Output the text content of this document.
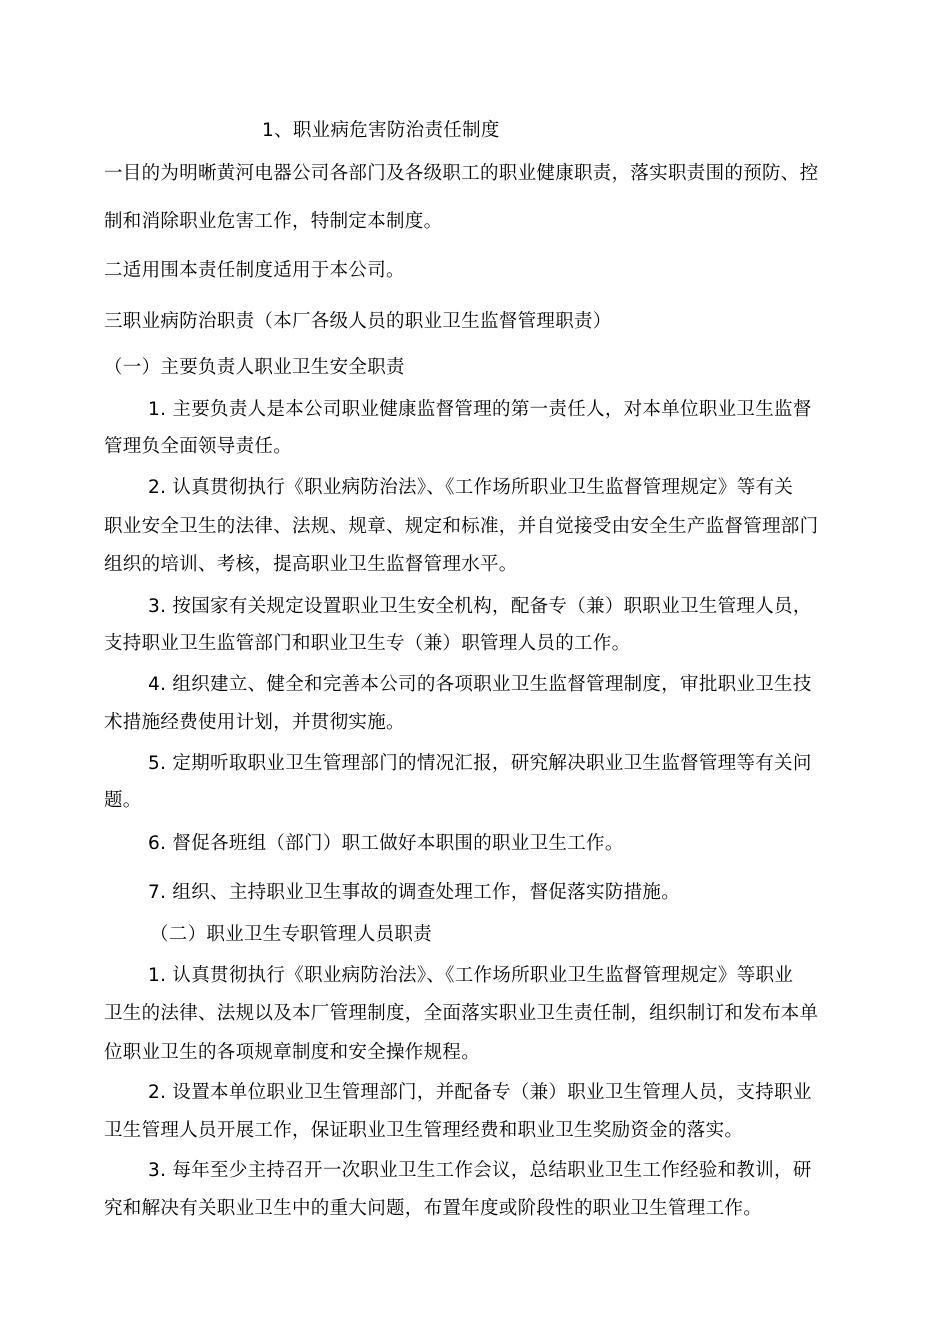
1、职业病危害防治责任制度
一目的为明晰黄河电器公司各部门及各级职工的职业健康职责，落实职责围的预防、控
制和消除职业危害工作，特制定本制度。
二适用围本责任制度适用于本公司。
三职业病防治职责（本厂各级人员的职业卫生监督管理职责）
（一）主要负责人职业卫生安全职责
1. 主要负责人是本公司职业健康监督管理的第一责任人，对本单位职业卫生监督
管理负全面领导责任。
2. 认真贯彻执行《职业病防治法》、《工作场所职业卫生监督管理规定》等有关
职业安全卫生的法律、法规、规章、规定和标准，并自觉接受由安全生产监督管理部门
组织的培训、考核，提高职业卫生监督管理水平。
3. 按国家有关规定设置职业卫生安全机构，配备专（兼）职职业卫生管理人员，
支持职业卫生监管部门和职业卫生专（兼）职管理人员的工作。
4. 组织建立、健全和完善本公司的各项职业卫生监督管理制度，审批职业卫生技
术措施经费使用计划，并贯彻实施。
5. 定期听取职业卫生管理部门的情况汇报，研究解决职业卫生监督管理等有关问
题。
6. 督促各班组（部门）职工做好本职围的职业卫生工作。
7. 组织、主持职业卫生事故的调查处理工作，督促落实防措施。
（二）职业卫生专职管理人员职责
1. 认真贯彻执行《职业病防治法》、《工作场所职业卫生监督管理规定》等职业
卫生的法律、法规以及本厂管理制度，全面落实职业卫生责任制，组织制订和发布本单
位职业卫生的各项规章制度和安全操作规程。
2. 设置本单位职业卫生管理部门，并配备专（兼）职业卫生管理人员，支持职业
卫生管理人员开展工作，保证职业卫生管理经费和职业卫生奖励资金的落实。
3. 每年至少主持召开一次职业卫生工作会议，总结职业卫生工作经验和教训，研
究和解决有关职业卫生中的重大问题，布置年度或阶段性的职业卫生管理工作。
